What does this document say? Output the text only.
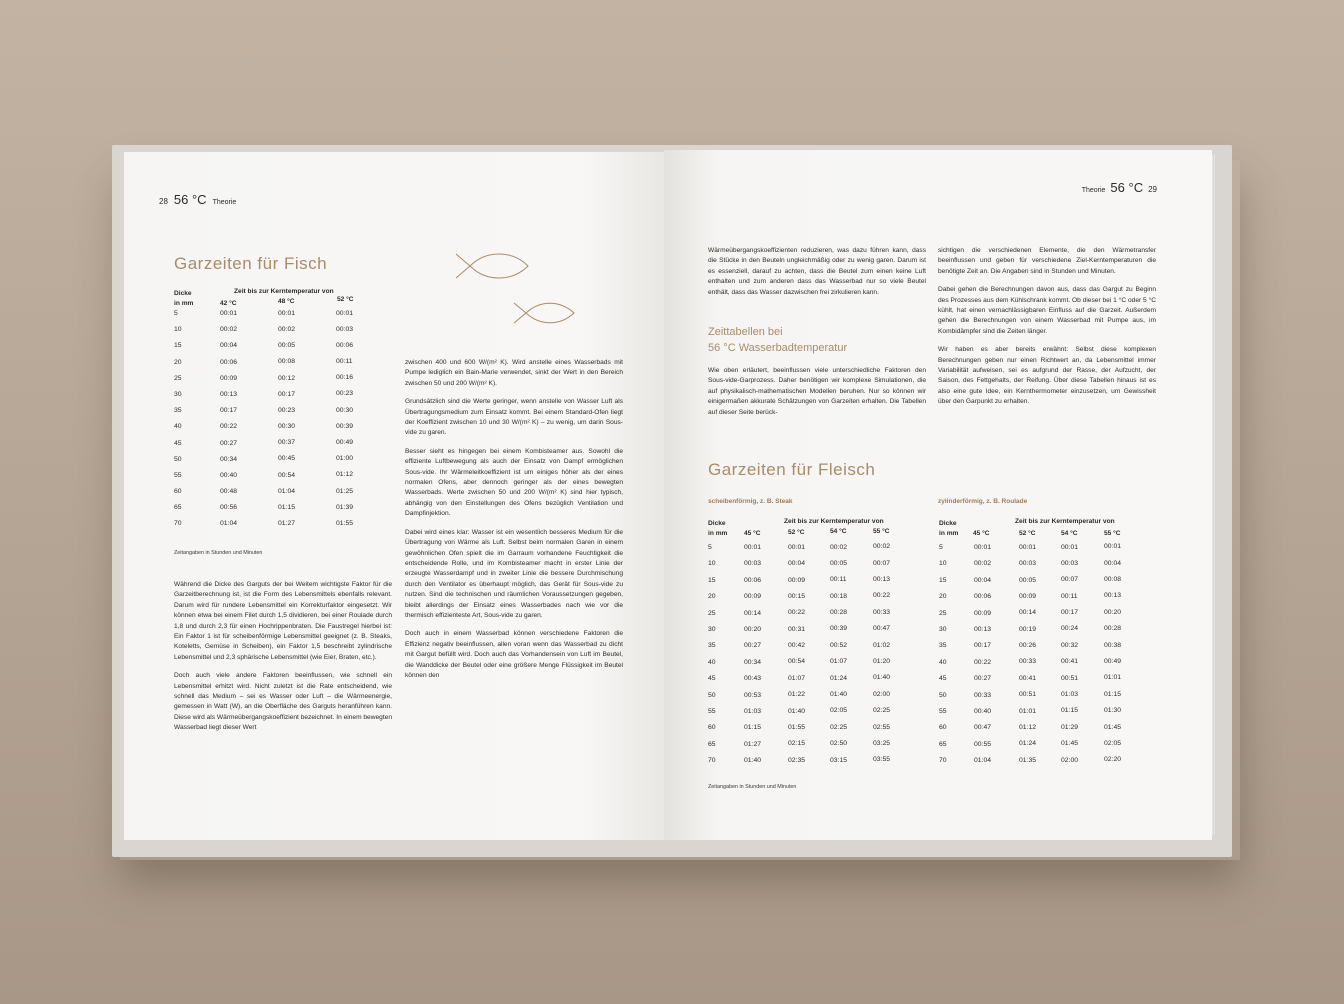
28 56 °C Theorie
Garzeiten für Fisch
Dicke
in mm
Zeit bis zur Kerntemperatur von
42 °C	48 °C	52 °C
5	00:01	00:01	00:01
10	00:02	00:02	00:03
15	00:04	00:05	00:06
20	00:06	00:08	00:11
25	00:09	00:12	00:16
30	00:13	00:17	00:23
35	00:17	00:23	00:30
40	00:22	00:30	00:39
45	00:27	00:37	00:49
50	00:34	00:45	01:00
55	00:40	00:54	01:12
60	00:48	01:04	01:25
65	00:56	01:15	01:39
70	01:04	01:27	01:55
Zeitangaben in Stunden und Minuten

Während die Dicke des Garguts der bei Weitem wichtigste Faktor für die Garzeitberechnung ist, ist die Form des Lebensmittels ebenfalls relevant. Darum wird für rundere Lebensmittel ein Korrekturfaktor eingesetzt. Wir können etwa bei einem Filet durch 1,5 dividieren, bei einer Roulade durch 1,8 und durch 2,3 für einen Hochrippenbraten. Die Faustregel hierbei ist: Ein Faktor 1 ist für scheibenförmige Lebensmittel geeignet (z. B. Steaks, Koteletts, Gemüse in Scheiben), ein Faktor 1,5 beschreibt zylindrische Lebensmittel und 2,3 sphärische Lebensmittel (wie Eier, Braten, etc.).

Doch auch viele andere Faktoren beeinflussen, wie schnell ein Lebensmittel erhitzt wird. Nicht zuletzt ist die Rate entscheidend, wie schnell das Medium – sei es Wasser oder Luft – die Wärmeenergie, gemessen in Watt (W), an die Oberfläche des Garguts heranführen kann. Diese wird als Wärmeübergangskoeffizient bezeichnet. In einem bewegten Wasserbad liegt dieser Wert

zwischen 400 und 600 W/(m² K). Wird anstelle eines Wasserbads mit Pumpe lediglich ein Bain-Marie verwendet, sinkt der Wert in den Bereich zwischen 50 und 200 W/(m² K).

Grundsätzlich sind die Werte geringer, wenn anstelle von Wasser Luft als Übertragungsmedium zum Einsatz kommt. Bei einem Standard-Ofen liegt der Koeffizient zwischen 10 und 30 W/(m² K) – zu wenig, um darin Sous-vide zu garen.

Besser sieht es hingegen bei einem Kombisteamer aus. Sowohl die effiziente Luftbewegung als auch der Einsatz von Dampf ermöglichen Sous-vide. Ihr Wärmeleitkoeffizient ist um einiges höher als der eines normalen Ofens, aber dennoch geringer als der eines bewegten Wasserbads. Werte zwischen 50 und 200 W/(m² K) sind hier typisch, abhängig von den Einstellungen des Ofens bezüglich Ventilation und Dampfinjektion.

Dabei wird eines klar: Wasser ist ein wesentlich besseres Medium für die Übertragung von Wärme als Luft. Selbst beim normalen Garen in einem gewöhnlichen Ofen spielt die im Garraum vorhandene Feuchtigkeit die entscheidende Rolle, und im Kombisteamer macht in erster Linie der erzeugte Wasserdampf und in zweiter Linie die bessere Durchmischung durch den Ventilator es überhaupt möglich, das Gerät für Sous-vide zu nutzen. Sind die technischen und räumlichen Voraussetzungen gegeben, bleibt allerdings der Einsatz eines Wasserbades nach wie vor die thermisch effizienteste Art, Sous-vide zu garen.

Doch auch in einem Wasserbad können verschiedene Faktoren die Effizienz negativ beeinflussen, allen voran wenn das Wasserbad zu dicht mit Gargut befüllt wird. Doch auch das Vorhandensein von Luft im Beutel, die Wanddicke der Beutel oder eine größere Menge Flüssigkeit im Beutel können den

Theorie 56 °C 29
Wärmeübergangskoeffizienten reduzieren, was dazu führen kann, dass die Stücke in den Beuteln ungleichmäßig oder zu wenig garen. Darum ist es essenziell, darauf zu achten, dass die Beutel zum einen keine Luft enthalten und zum anderen dass das Wasserbad nur so viele Beutel enthält, dass das Wasser dazwischen frei zirkulieren kann.
Zeittabellen bei
56 °C Wasserbadtemperatur
Wie oben erläutert, beeinflussen viele unterschiedliche Faktoren den Sous-vide-Garprozess. Daher benötigen wir komplexe Simulationen, die auf physikalisch-mathematischen Modellen beruhen. Nur so können wir einigermaßen akkurate Schätzungen von Garzeiten erhalten. Die Tabellen auf dieser Seite berück-

sichtigen die verschiedenen Elemente, die den Wärmetransfer beeinflussen und geben für verschiedene Ziel-Kerntemperaturen die benötigte Zeit an. Die Angaben sind in Stunden und Minuten.

Dabei gehen die Berechnungen davon aus, dass das Gargut zu Beginn des Prozesses aus dem Kühlschrank kommt. Ob dieser bei 1 °C oder 5 °C kühlt, hat einen vernachlässigbaren Einfluss auf die Garzeit. Außerdem gehen die Berechnungen von einem Wasserbad mit Pumpe aus, im Kombidämpfer sind die Zeiten länger.

Wir haben es aber bereits erwähnt: Selbst diese komplexen Berechnungen geben nur einen Richtwert an, da Lebensmittel immer Variabilität aufweisen, sei es aufgrund der Rasse, der Aufzucht, der Saison, des Fettgehalts, der Reifung. Über diese Tabellen hinaus ist es also eine gute Idee, ein Kernthermometer einzusetzen, um Gewissheit über den Garpunkt zu erhalten.

Garzeiten für Fleisch
scheibenförmig, z. B. Steak
Dicke
in mm
Zeit bis zur Kerntemperatur von
45 °C	52 °C	54 °C	55 °C
5	00:01	00:01	00:02	00:02
10	00:03	00:04	00:05	00:07
15	00:06	00:09	00:11	00:13
20	00:09	00:15	00:18	00:22
25	00:14	00:22	00:28	00:33
30	00:20	00:31	00:39	00:47
35	00:27	00:42	00:52	01:02
40	00:34	00:54	01:07	01:20
45	00:43	01:07	01:24	01:40
50	00:53	01:22	01:40	02:00
55	01:03	01:40	02:05	02:25
60	01:15	01:55	02:25	02:55
65	01:27	02:15	02:50	03:25
70	01:40	02:35	03:15	03:55
Zeitangaben in Stunden und Minuten
zylinderförmig, z. B. Roulade
Dicke
in mm
Zeit bis zur Kerntemperatur von
45 °C	52 °C	54 °C	55 °C
5	00:01	00:01	00:01	00:01
10	00:02	00:03	00:03	00:04
15	00:04	00:05	00:07	00:08
20	00:06	00:09	00:11	00:13
25	00:09	00:14	00:17	00:20
30	00:13	00:19	00:24	00:28
35	00:17	00:26	00:32	00:38
40	00:22	00:33	00:41	00:49
45	00:27	00:41	00:51	01:01
50	00:33	00:51	01:03	01:15
55	00:40	01:01	01:15	01:30
60	00:47	01:12	01:29	01:45
65	00:55	01:24	01:45	02:05
70	01:04	01:35	02:00	02:20
